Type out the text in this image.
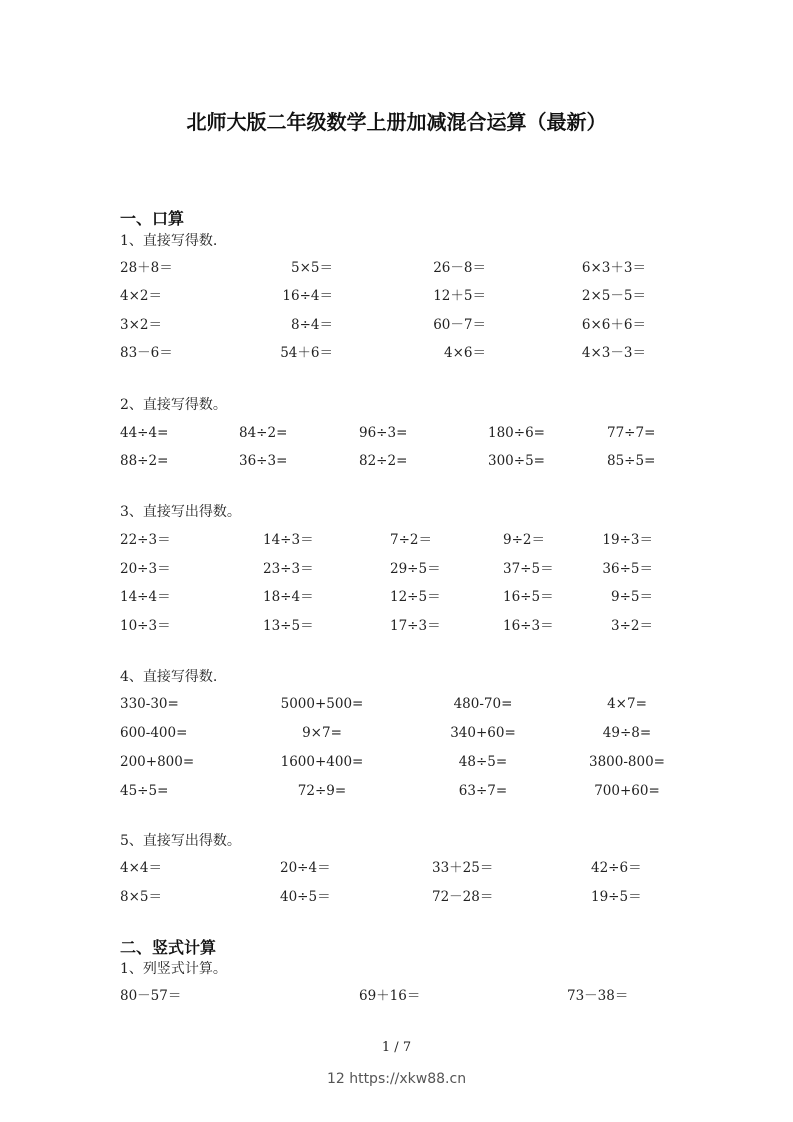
北师大版二年级数学上册加减混合运算（最新）
一、口算
二、竖式计算
1、直接写得数.
28＋8＝	5×5＝	26－8＝	6×3＋3＝
4×2＝	16÷4＝	12＋5＝	2×5－5＝
3×2＝	8÷4＝	60－7＝	6×6＋6＝
83－6＝	54＋6＝	4×6＝	4×3－3＝
2、直接写得数。
44÷4=	84÷2=	96÷3=	180÷6=	77÷7=
88÷2=	36÷3=	82÷2=	300÷5=	85÷5=
3、直接写出得数。
22÷3＝	14÷3＝	7÷2＝	9÷2＝	19÷3＝
20÷3＝	23÷3＝	29÷5＝	37÷5＝	36÷5＝
14÷4＝	18÷4＝	12÷5＝	16÷5＝	9÷5＝
10÷3＝	13÷5＝	17÷3＝	16÷3＝	3÷2＝
4、直接写得数.
330-30=	5000+500=	480-70=	4×7=
600-400=	9×7=	340+60=	49÷8=
200+800=	1600+400=	48÷5=	3800-800=
45÷5=	72÷9=	63÷7=	700+60=
5、直接写出得数。
4×4＝	20÷4＝	33＋25＝	42÷6＝
8×5＝	40÷5＝	72－28＝	19÷5＝
1、列竖式计算。
80－57＝	69＋16＝	73－38＝
1 / 7
12 https://xkw88.cn
